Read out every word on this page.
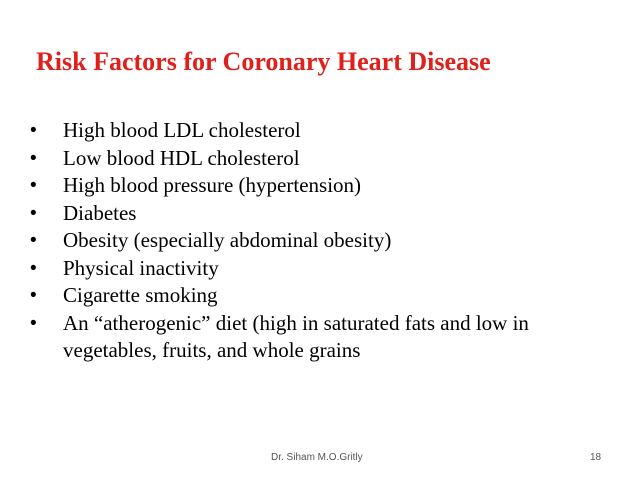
Risk Factors for Coronary Heart Disease
• High blood LDL cholesterol
• Low blood HDL cholesterol
• High blood pressure (hypertension)
• Diabetes
• Obesity (especially abdominal obesity)
• Physical inactivity
• Cigarette smoking
• An “atherogenic” diet (high in saturated fats and low in vegetables, fruits, and whole grains
Dr. Siham M.O.Gritly	18
